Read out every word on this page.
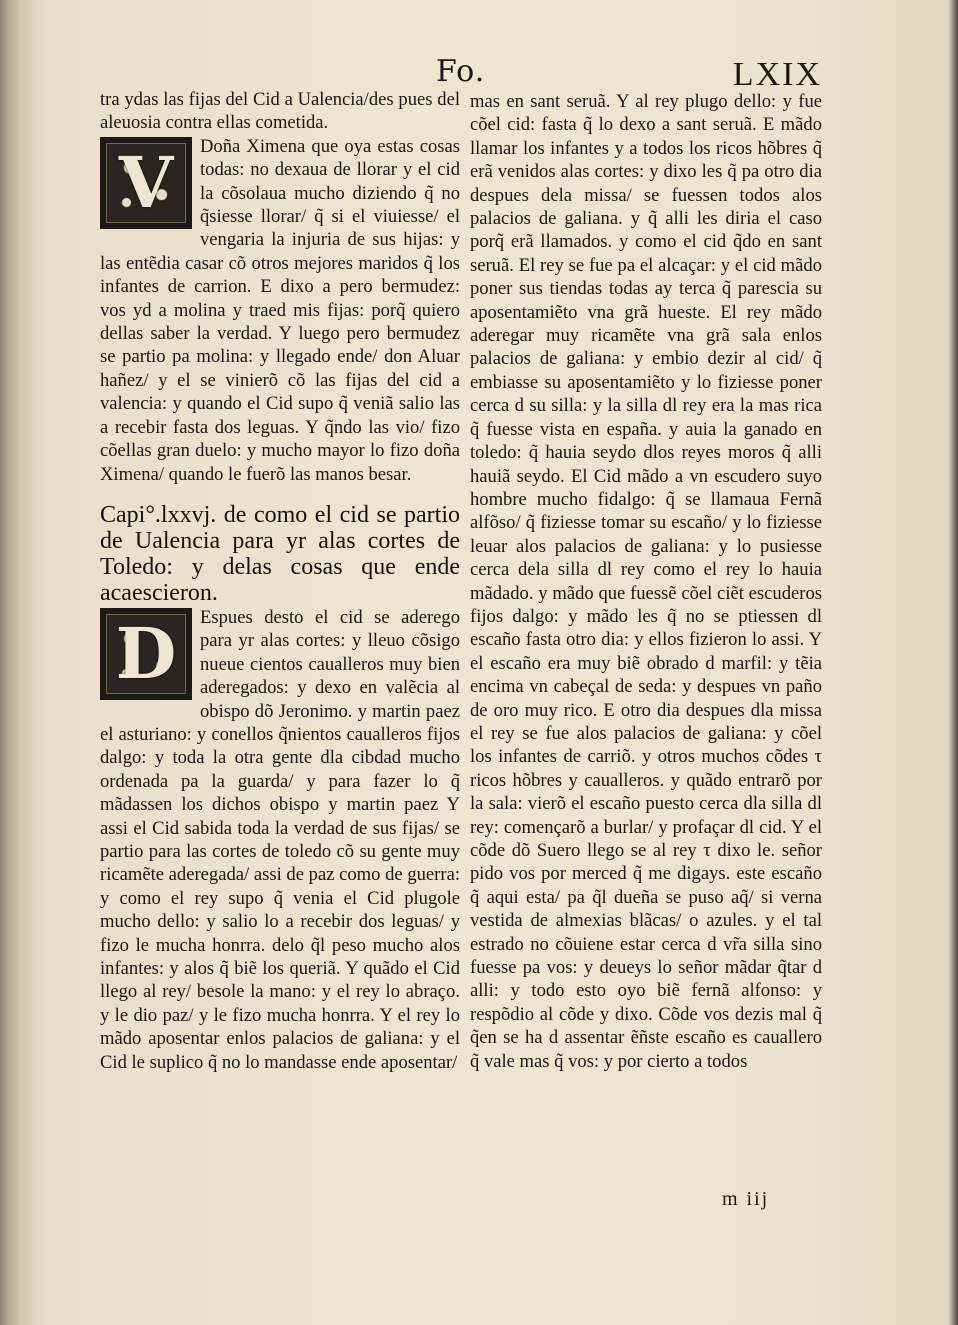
Fo.	LXIX

tra ydas las fijas del Cid a Ualencia/des pues del aleuosia contra ellas cometida.

V	Doña Ximena que oya estas cosas todas: no dexaua de llorar y el cid la cõsolaua mucho diziendo q̃ no q̃siesse llorar/ q̃ si el viuiesse/ el vengaria la injuria de sus hijas: y las entẽdia casar cõ otros mejores maridos q̃ los infantes de carrion. E dixo a pero bermudez: vos yd a molina y traed mis fijas: porq̃ quiero dellas saber la verdad. Y luego pero bermudez se partio pa molina: y llegado ende/ don Aluar hañez/ y el se vinierõ cõ las fijas del cid a valencia: y quando el Cid supo q̃ veniã salio las a recebir fasta dos leguas. Y q̃ndo las vio/ fizo cõellas gran duelo: y mucho mayor lo fizo doña Ximena/ quando le fuerõ las manos besar.

Capi°.lxxvj. de como el cid se partio de Ualencia para yr alas cortes de Toledo: y delas cosas que ende acaescieron.

D	Espues desto el cid se aderego para yr alas cortes: y lleuo cõsigo nueue cientos caualleros muy bien aderegados: y dexo en valẽcia al obispo dõ Jeronimo. y martin paez el asturiano: y conellos q̃nientos caualleros fijos dalgo: y toda la otra gente dla cibdad mucho ordenada pa la guarda/ y para fazer lo q̃ mãdassen los dichos obispo y martin paez Y assi el Cid sabida toda la verdad de sus fijas/ se partio para las cortes de toledo cõ su gente muy ricamẽte aderegada/ assi de paz como de guerra: y como el rey supo q̃ venia el Cid plugole mucho dello: y salio lo a recebir dos leguas/ y fizo le mucha honrra. delo q̃l peso mucho alos infantes: y alos q̃ biẽ los queriã. Y quãdo el Cid llego al rey/ besole la mano: y el rey lo abraço. y le dio paz/ y le fizo mucha honrra. Y el rey lo mãdo aposentar enlos palacios de galiana: y el Cid le suplico q̃ no lo mandasse ende aposentar/

mas en sant seruã. Y al rey plugo dello: y fue cõel cid: fasta q̃ lo dexo a sant seruã. E mãdo llamar los infantes y a todos los ricos hõbres q̃ erã venidos alas cortes: y dixo les q̃ pa otro dia despues dela missa/ se fuessen todos alos palacios de galiana. y q̃ alli les diria el caso porq̃ erã llamados. y como el cid q̃do en sant seruã. El rey se fue pa el alcaçar: y el cid mãdo poner sus tiendas todas ay terca q̃ parescia su aposentamiẽto vna grã hueste. El rey mãdo aderegar muy ricamẽte vna grã sala enlos palacios de galiana: y embio dezir al cid/ q̃ embiasse su aposentamiẽto y lo fiziesse poner cerca d su silla: y la silla dl rey era la mas rica q̃ fuesse vista en españa. y auia la ganado en toledo: q̃ hauia seydo dlos reyes moros q̃ alli hauiã seydo. El Cid mãdo a vn escudero suyo hombre mucho fidalgo: q̃ se llamaua Fernã alfõso/ q̃ fiziesse tomar su escaño/ y lo fiziesse leuar alos palacios de galiana: y lo pusiesse cerca dela silla dl rey como el rey lo hauia mãdado. y mãdo que fuessẽ cõel ciẽt escuderos fijos dalgo: y mãdo les q̃ no se ptiessen dl escaño fasta otro dia: y ellos fizieron lo assi. Y el escaño era muy biẽ obrado d marfil: y tẽia encima vn cabeçal de seda: y despues vn paño de oro muy rico. E otro dia despues dla missa el rey se fue alos palacios de galiana: y cõel los infantes de carriõ. y otros muchos cõdes τ ricos hõbres y caualleros. y quãdo entrarõ por la sala: vierõ el escaño puesto cerca dla silla dl rey: començarõ a burlar/ y profaçar dl cid. Y el cõde dõ Suero llego se al rey τ dixo le. señor pido vos por merced q̃ me digays. este escaño q̃ aqui esta/ pa q̃l dueña se puso aq̃/ si verna vestida de almexias blãcas/ o azules. y el tal estrado no cõuiene estar cerca d vr̃a silla sino fuesse pa vos: y deueys lo señor mãdar q̃tar d alli: y todo esto oyo biẽ fernã alfonso: y respõdio al cõde y dixo. Cõde vos dezis mal q̃ q̃en se ha d assentar ẽñste escaño es cauallero q̃ vale mas q̃ vos: y por cierto a todos

m iij
